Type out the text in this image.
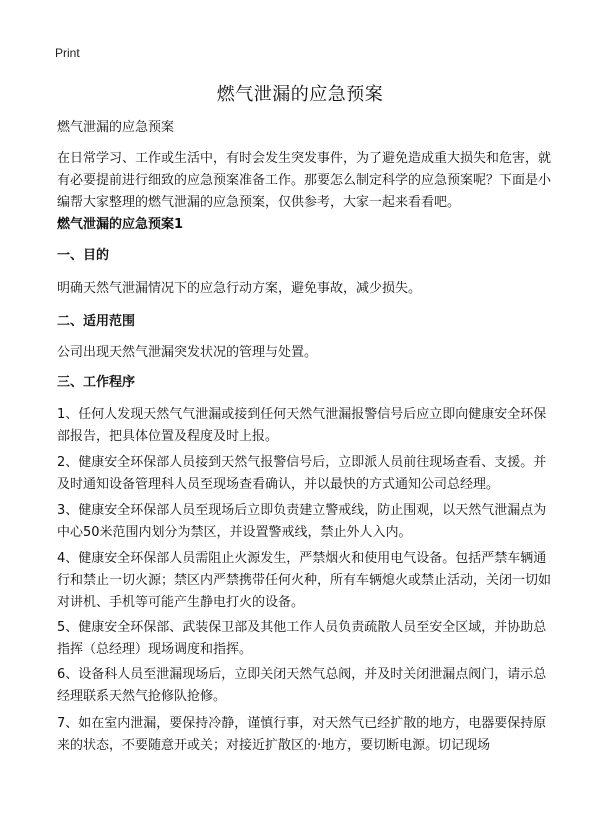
Print
燃气泄漏的应急预案

燃气泄漏的应急预案

在日常学习、工作或生活中，有时会发生突发事件，为了避免造成重大损失和危害，就有必要提前进行细致的应急预案准备工作。那要怎么制定科学的应急预案呢？下面是小编帮大家整理的燃气泄漏的应急预案，仅供参考，大家一起来看看吧。

燃气泄漏的应急预案1
一、目的

明确天然气泄漏情况下的应急行动方案，避免事故，减少损失。

二、适用范围

公司出现天然气泄漏突发状况的管理与处置。

三、工作程序

1、任何人发现天然气气泄漏或接到任何天然气泄漏报警信号后应立即向健康安全环保部报告，把具体位置及程度及时上报。

2、健康安全环保部人员接到天然气报警信号后，立即派人员前往现场查看、支援。并及时通知设备管理科人员至现场查看确认，并以最快的方式通知公司总经理。

3、健康安全环保部人员至现场后立即负责建立警戒线，防止围观，以天然气泄漏点为中心50米范围内划分为禁区，并设置警戒线，禁止外人入内。

4、健康安全环保部人员需阻止火源发生，严禁烟火和使用电气设备。包括严禁车辆通行和禁止一切火源；禁区内严禁携带任何火种，所有车辆熄火或禁止活动，关闭一切如对讲机、手机等可能产生静电打火的设备。

5、健康安全环保部、武装保卫部及其他工作人员负责疏散人员至安全区域，并协助总指挥（总经理）现场调度和指挥。

6、设备科人员至泄漏现场后，立即关闭天然气总阀，并及时关闭泄漏点阀门，请示总经理联系天然气抢修队抢修。

7、如在室内泄漏，要保持冷静，谨慎行事，对天然气已经扩散的地方，电器要保持原来的状态，不要随意开或关；对接近扩散区的·地方，要切断电源。切记现场
